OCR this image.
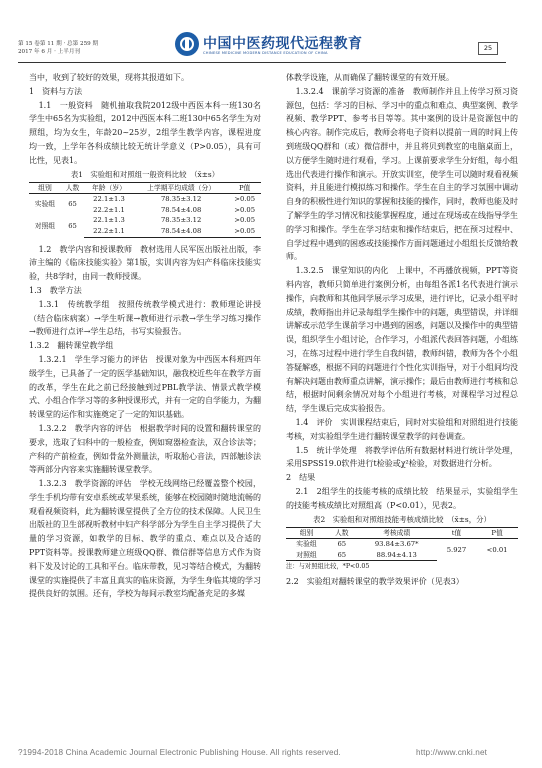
第 15 卷第 11 期 · 总第 259 期
2017 年 6 月 · 上半月刊	中国中医药现代远程教育
CHINESE MEDICINE MODERN DISTANCE EDUCATION OF CHINA
25

当中，收到了较好的效果，现将其报道如下。

1　资料与方法

1.1　一般资料　随机抽取我院2012级中西医本科一班130名学生中65名为实验组，2012中西医本科二班130中65名学生为对照组，均为女生，年龄20~25岁，2组学生教学内容，课程进度均一致，上学年各科成绩比较无统计学意义（P>0.05），具有可比性，见表1。

表1　实验组和对照组一般资料比较　（x̄±s）
组别	人数	年龄（岁）	上学期平均成绩（分）	P值
实验组	65	22.1±1.3	78.35±3.12	>0.05
		22.2±1.1	78.54±4.08	>0.05
对照组	65	22.1±1.3	78.35±3.12	>0.05
		22.2±1.1	78.54±4.08	>0.05

1.2　教学内容和授课教师　教材选用人民军医出版社出版，李沛主编的《临床技能实验》第1版，实训内容为妇产科临床技能实验，共8学时，由同一教师授课。

1.3　教学方法

1.3.1　传统教学组　按照传统教学模式进行：教师理论讲授（结合临床病案）→学生听课→教师进行示教→学生学习练习操作→教师进行点评→学生总结，书写实验报告。

1.3.2　翻转课堂教学组

1.3.2.1　学生学习能力的评估　授课对象为中西医本科班四年级学生，已具备了一定的医学基础知识，融我校近些年在教学方面的改革，学生在此之前已经接触到过PBL教学法、情景式教学模式、小组合作学习等的多种授课形式，并有一定的自学能力，为翻转课堂的运作和实施奠定了一定的知识基础。

1.3.2.2　教学内容的评估　根据教学时间的设置和翻转课堂的要求，选取了妇科中的一般检查，例如窥器检查法，双合诊法等；产科的产前检查，例如骨盆外测量法，听取胎心音法，四部触诊法等两部分内容来实施翻转课堂教学。

1.3.2.3　教学资源的评估　学校无线网络已经覆盖整个校园，学生手机均带有安卓系统或苹果系统，能够在校园随时随地流畅的观看视频资料，此为翻转课堂提供了全方位的技术保障。人民卫生出版社的卫生部视听教材中妇产科学部分为学生自主学习提供了大量的学习资源，如教学的目标、教学的重点、难点以及合适的PPT资料等。授课教师建立班级QQ群、微信群等信息方式作为资料下发及讨论的工具和平台。临床带教，见习等结合模式，为翻转课堂的实施提供了丰富且真实的临床资源，为学生身临其境的学习提供良好的氛围。还有，学校为每间示教室均配备充足的多媒

体教学设施，从而确保了翻转课堂的有效开展。

1.3.2.4　课前学习资源的准备　教师制作并且上传学习预习资源包，包括：学习的目标、学习中的重点和难点、典型案例、教学视频、教学PPT、参考书目等等。其中案例的设计是资源包中的核心内容。制作完成后，教师会将电子资料以提前一周的时间上传到班级QQ群和（或）微信群中，并且将贝到教室的电脑桌面上，以方便学生随时进行观看，学习。上课前要求学生分好组，每小组选出代表进行操作和演示。开放实训室，使学生可以随时观看视频资料，并且能进行模拟练习和操作。学生在自主的学习氛围中调动自身的积极性进行知识的掌握和技能的操作，同时，教师也能及时了解学生的学习情况和技能掌握程度，通过在现场或在线指导学生的学习和操作。学生在学习结束和操作结束后，把在预习过程中、自学过程中遇到的困惑或技能操作方面问题通过小组组长反馈给教师。

1.3.2.5　课堂知识的内化　上课中，不再播放视频，PPT等资料内容，教师只简单进行案例分析，由每组各派1名代表进行演示操作，向教师和其他同学展示学习成果，进行评比，记录小组平时成绩，教师指出并记录每组学生操作中的问题，典型错误，并详细讲解或示范学生课前学习中遇到的困惑，问题以及操作中的典型错误，组织学生小组讨论，合作学习，小组派代表回答问题，小组练习，在练习过程中进行学生自我纠错，教师纠错，教师为各个小组答疑解惑，根据不同的问题进行个性化实训指导，对于小组间均没有解决问题由教师重点讲解，演示操作；最后由教师进行考核和总结，根据时间剩余情况对每个小组进行考核，对课程学习过程总结，学生课后完成实验报告。

1.4　评价　实训课程结束后，同时对实验组和对照组进行技能考核，对实验组学生进行翻转课堂教学的问卷调查。

1.5　统计学处理　将教学评估所有数据材料进行统计学处理，采用SPSS19.0软件进行t检验或χ²检验，对数据进行分析。

2　结果

2.1　2组学生的技能考核的成绩比较　结果显示，实验组学生的技能考核成绩比对照组高（P<0.01），见表2。

表2　实验组和对照组技能考核成绩比较　（x̄±s，分）
组别	人数	考核成绩	t值	P值
实验组	65	93.84±3.67*	5.927	<0.01
对照组	65	88.94±4.13		
注：与对照组比较，*P<0.05

2.2　实验组对翻转课堂的教学效果评价（见表3）

?1994-2018 China Academic Journal Electronic Publishing House. All rights reserved.	http://www.cnki.net
